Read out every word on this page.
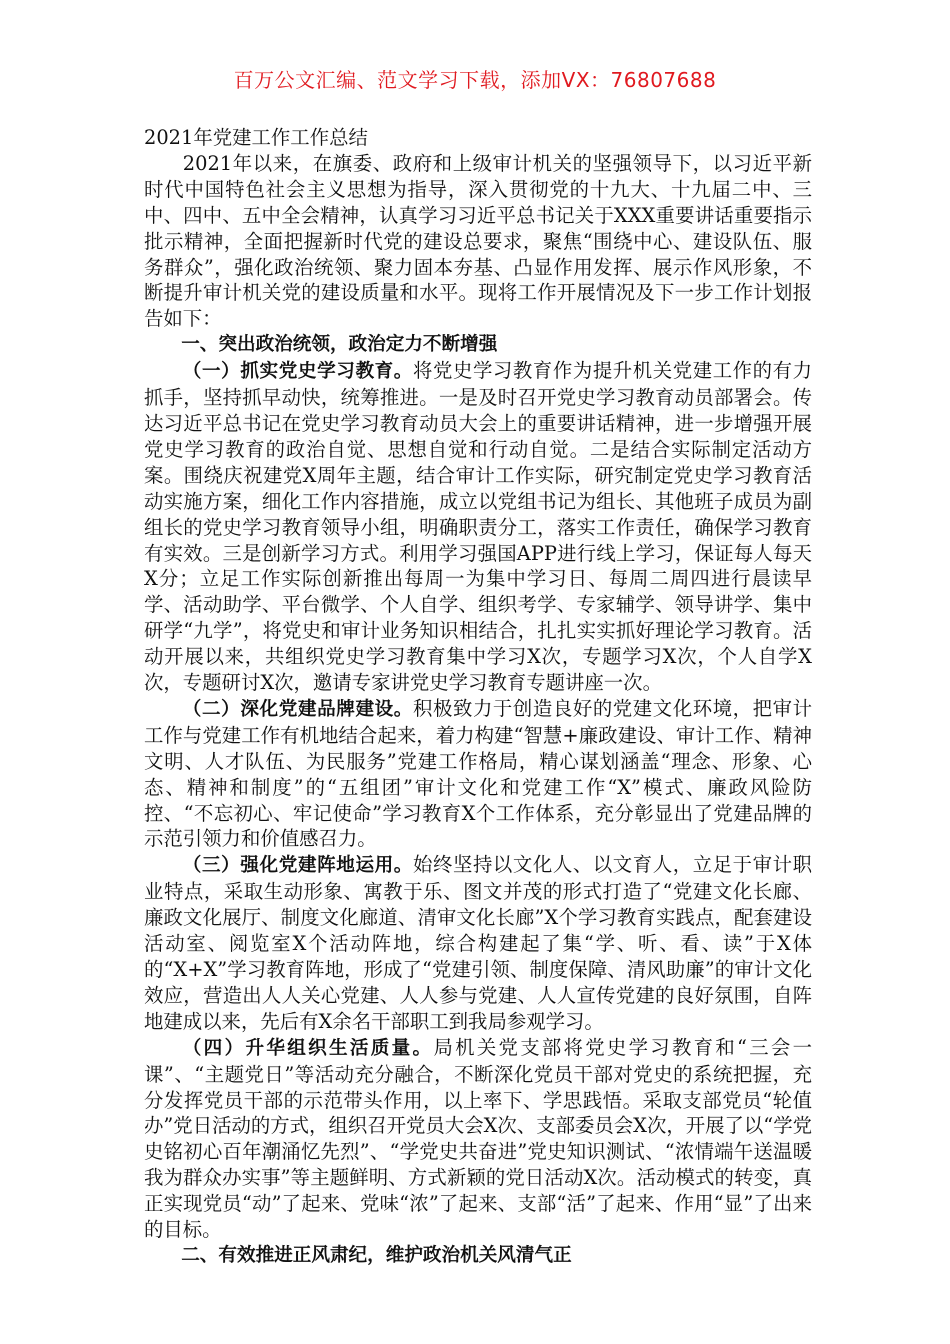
百万公文汇编、范文学习下载，添加VX：76807688

2021年党建工作工作总结

2021年以来，在旗委、政府和上级审计机关的坚强领导下，以习近平新时代中国特色社会主义思想为指导，深入贯彻党的十九大、十九届二中、三中、四中、五中全会精神，认真学习习近平总书记关于XXX重要讲话重要指示批示精神，全面把握新时代党的建设总要求，聚焦“围绕中心、建设队伍、服务群众”，强化政治统领、聚力固本夯基、凸显作用发挥、展示作风形象，不断提升审计机关党的建设质量和水平。现将工作开展情况及下一步工作计划报告如下：

一、突出政治统领，政治定力不断增强

（一）抓实党史学习教育。将党史学习教育作为提升机关党建工作的有力抓手，坚持抓早动快，统筹推进。一是及时召开党史学习教育动员部署会。传达习近平总书记在党史学习教育动员大会上的重要讲话精神，进一步增强开展党史学习教育的政治自觉、思想自觉和行动自觉。二是结合实际制定活动方案。围绕庆祝建党X周年主题，结合审计工作实际，研究制定党史学习教育活动实施方案，细化工作内容措施，成立以党组书记为组长、其他班子成员为副组长的党史学习教育领导小组，明确职责分工，落实工作责任，确保学习教育有实效。三是创新学习方式。利用学习强国APP进行线上学习，保证每人每天X分；立足工作实际创新推出每周一为集中学习日、每周二周四进行晨读早学、活动助学、平台微学、个人自学、组织考学、专家辅学、领导讲学、集中研学“九学”，将党史和审计业务知识相结合，扎扎实实抓好理论学习教育。活动开展以来，共组织党史学习教育集中学习X次，专题学习X次，个人自学X次，专题研讨X次，邀请专家讲党史学习教育专题讲座一次。

（二）深化党建品牌建设。积极致力于创造良好的党建文化环境，把审计工作与党建工作有机地结合起来，着力构建“智慧+廉政建设、审计工作、精神文明、人才队伍、为民服务”党建工作格局，精心谋划涵盖“理念、形象、心态、精神和制度”的“五组团”审计文化和党建工作“X”模式、廉政风险防控、“不忘初心、牢记使命”学习教育X个工作体系，充分彰显出了党建品牌的示范引领力和价值感召力。

（三）强化党建阵地运用。始终坚持以文化人、以文育人，立足于审计职业特点，采取生动形象、寓教于乐、图文并茂的形式打造了“党建文化长廊、廉政文化展厅、制度文化廊道、清审文化长廊”X个学习教育实践点，配套建设活动室、阅览室X个活动阵地，综合构建起了集“学、听、看、读”于X体的“X+X”学习教育阵地，形成了“党建引领、制度保障、清风助廉”的审计文化效应，营造出人人关心党建、人人参与党建、人人宣传党建的良好氛围，自阵地建成以来，先后有X余名干部职工到我局参观学习。

（四）升华组织生活质量。局机关党支部将党史学习教育和“三会一课”、“主题党日”等活动充分融合，不断深化党员干部对党史的系统把握，充分发挥党员干部的示范带头作用，以上率下、学思践悟。采取支部党员“轮值办”党日活动的方式，组织召开党员大会X次、支部委员会X次，开展了以“学党史铭初心百年潮涌忆先烈”、“学党史共奋进”党史知识测试、“浓情端午送温暖我为群众办实事”等主题鲜明、方式新颖的党日活动X次。活动模式的转变，真正实现党员“动”了起来、党味“浓”了起来、支部“活”了起来、作用“显”了出来的目标。

二、有效推进正风肃纪，维护政治机关风清气正
